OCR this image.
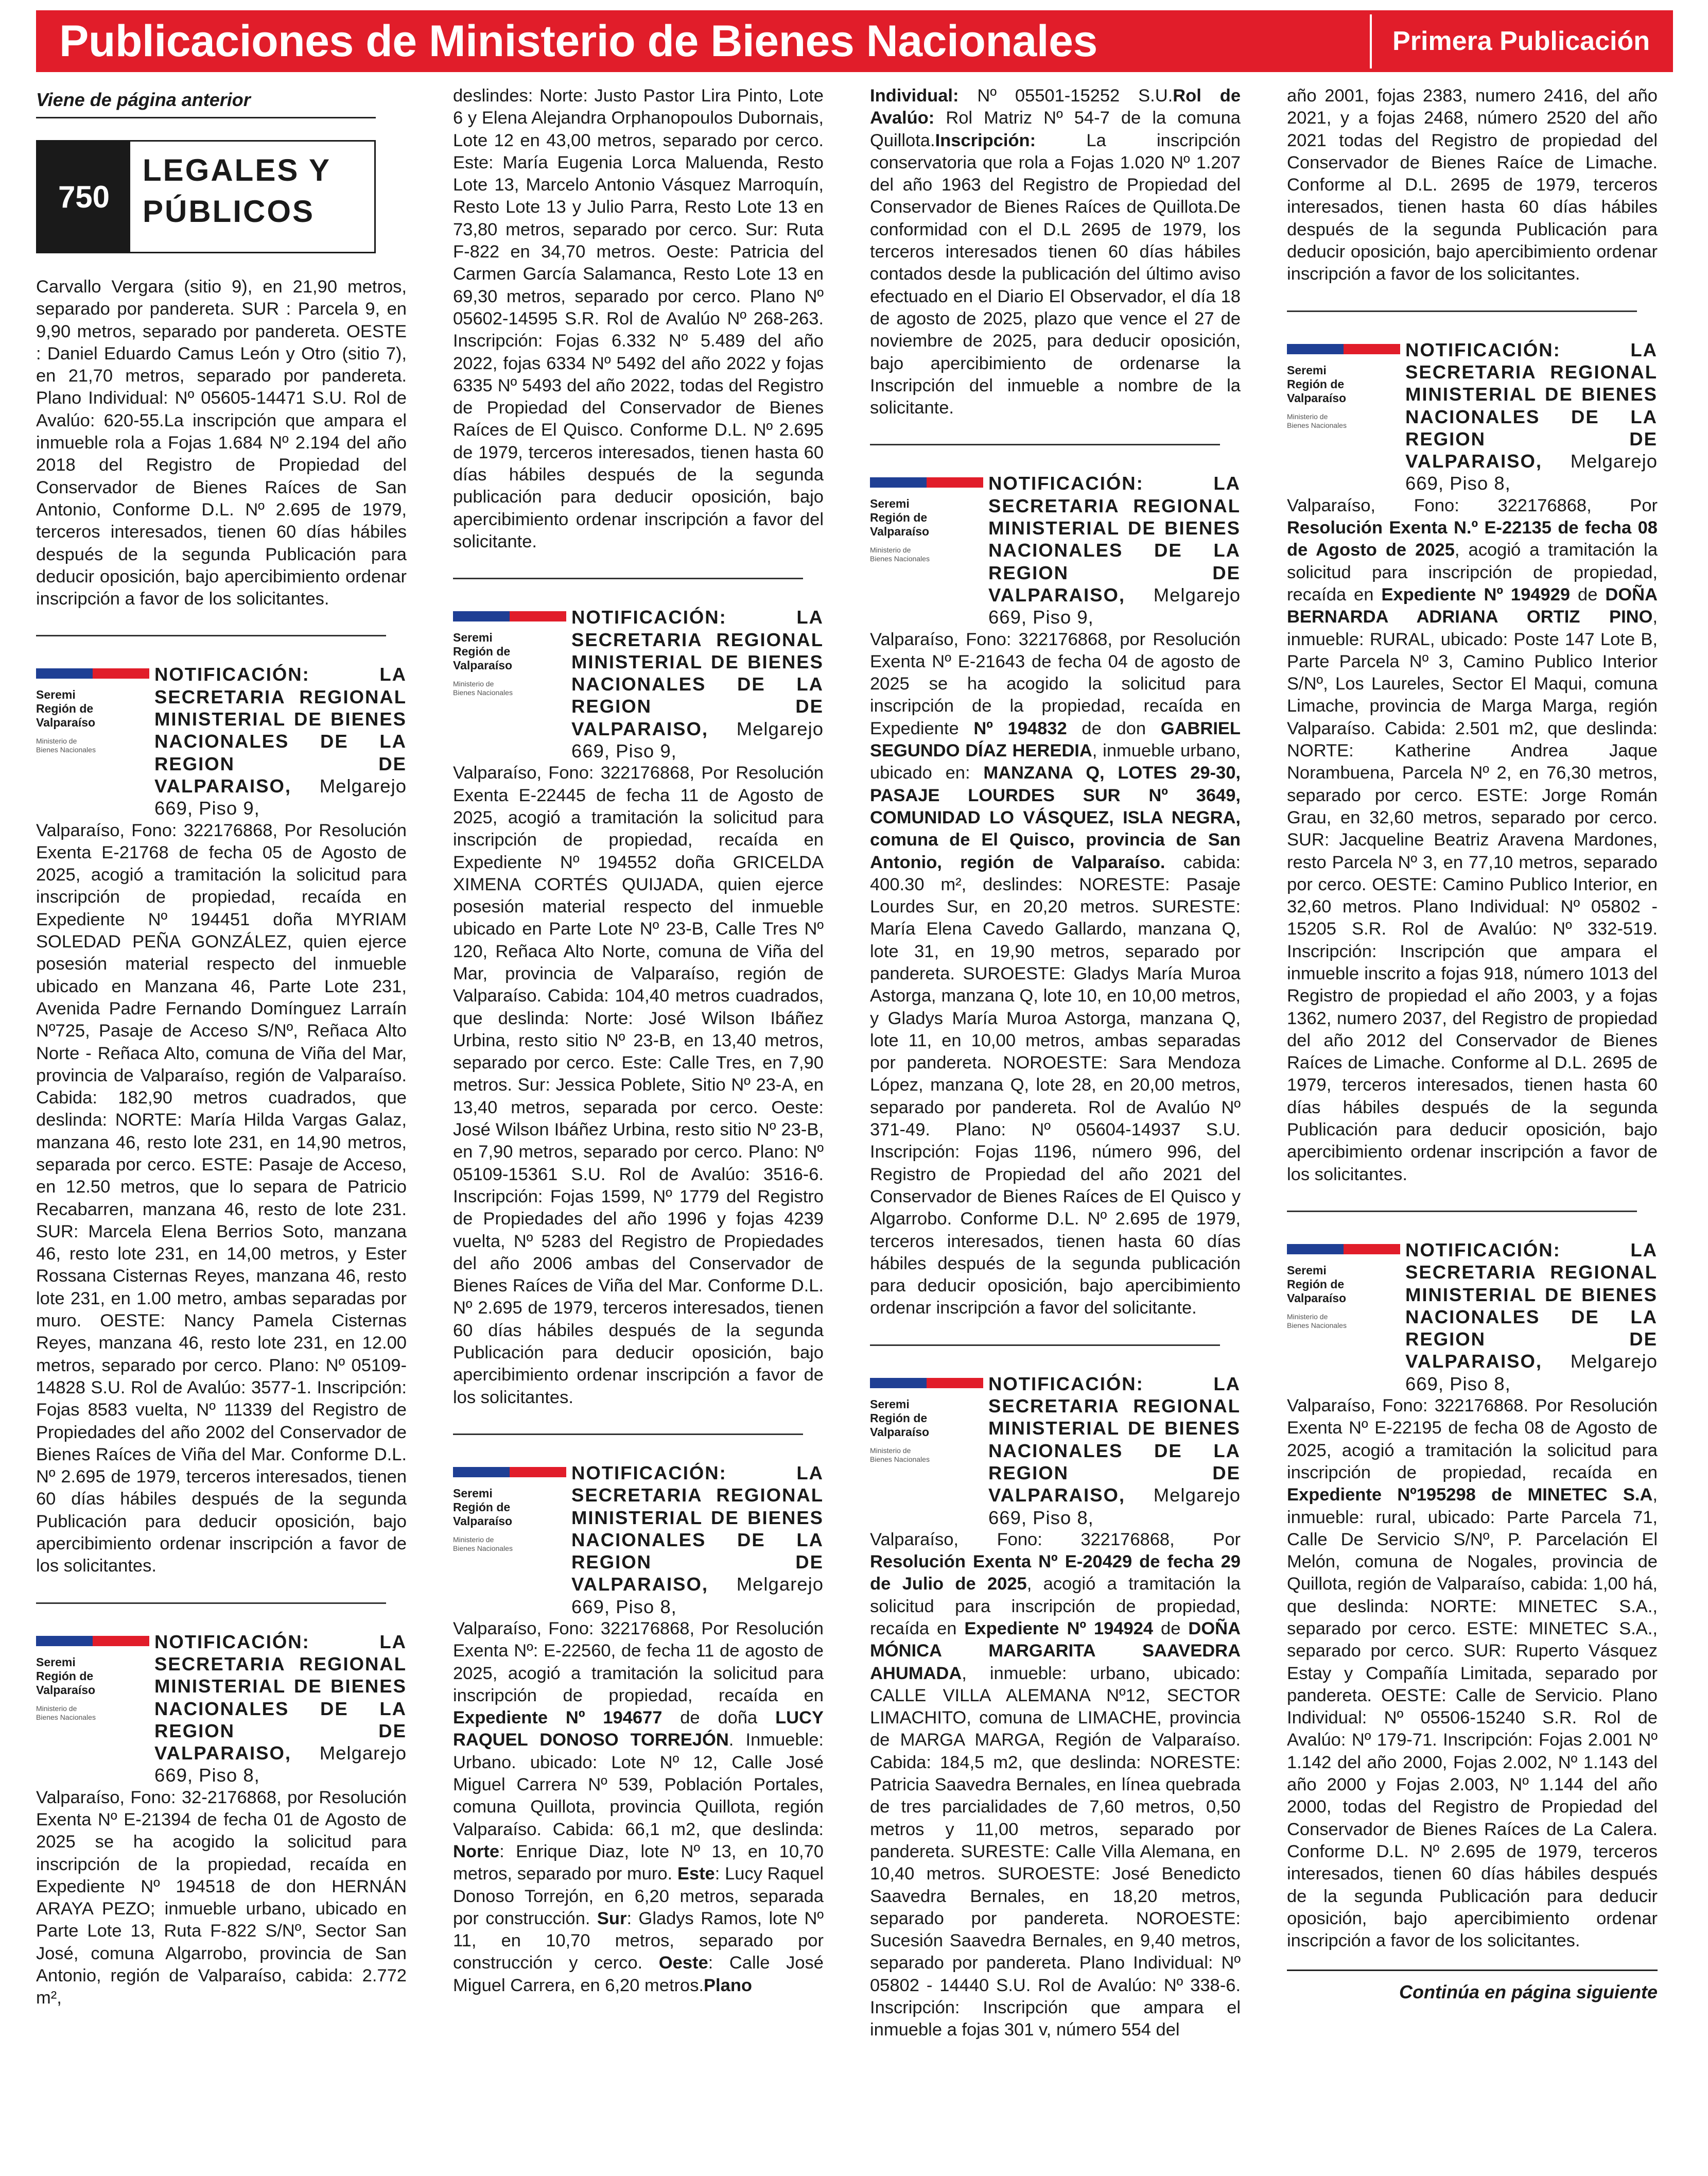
Publicaciones de Ministerio de Bienes Nacionales	Primera Publicación
Viene de página anterior
750
LEGALES Y
PÚBLICOS

Carvallo Vergara (sitio 9), en 21,90 metros, separado por pandereta. SUR : Parcela 9, en 9,90 metros, separado por pandereta. OESTE : Daniel Eduardo Camus León y Otro (sitio 7), en 21,70 metros, separado por pandereta. Plano Individual: Nº 05605-14471 S.U. Rol de Avalúo: 620-55.La inscripción que ampara el inmueble rola a Fojas 1.684 Nº 2.194 del año 2018 del Registro de Propiedad del Conservador de Bienes Raíces de San Antonio, Conforme D.L. Nº 2.695 de 1979, terceros interesados, tienen 60 días hábiles después de la segunda Publicación para deducir oposición, bajo apercibimiento ordenar inscripción a favor de los solicitantes.

Seremi
Región de
Valparaíso
Ministerio de
Bienes Nacionales
NOTIFICACIÓN: LA SECRETARIA REGIONAL MINISTERIAL DE BIENES NACIONALES DE LA REGION DE VALPARAISO, Melgarejo 669, Piso 9,

Valparaíso, Fono: 322176868, Por Resolución Exenta E-21768 de fecha 05 de Agosto de 2025, acogió a tramitación la solicitud para inscripción de propiedad, recaída en Expediente Nº 194451 doña MYRIAM SOLEDAD PEÑA GONZÁLEZ, quien ejerce posesión material respecto del inmueble ubicado en Manzana 46, Parte Lote 231, Avenida Padre Fernando Domínguez Larraín Nº725, Pasaje de Acceso S/Nº, Reñaca Alto Norte - Reñaca Alto, comuna de Viña del Mar, provincia de Valparaíso, región de Valparaíso. Cabida: 182,90 metros cuadrados, que deslinda: NORTE: María Hilda Vargas Galaz, manzana 46, resto lote 231, en 14,90 metros, separada por cerco. ESTE: Pasaje de Acceso, en 12.50 metros, que lo separa de Patricio Recabarren, manzana 46, resto de lote 231. SUR: Marcela Elena Berrios Soto, manzana 46, resto lote 231, en 14,00 metros, y Ester Rossana Cisternas Reyes, manzana 46, resto lote 231, en 1.00 metro, ambas separadas por muro. OESTE: Nancy Pamela Cisternas Reyes, manzana 46, resto lote 231, en 12.00 metros, separado por cerco. Plano: Nº 05109-14828 S.U. Rol de Avalúo: 3577-1. Inscripción: Fojas 8583 vuelta, Nº 11339 del Registro de Propiedades del año 2002 del Conservador de Bienes Raíces de Viña del Mar. Conforme D.L. Nº 2.695 de 1979, terceros interesados, tienen 60 días hábiles después de la segunda Publicación para deducir oposición, bajo apercibimiento ordenar inscripción a favor de los solicitantes.

Seremi
Región de
Valparaíso
Ministerio de
Bienes Nacionales
NOTIFICACIÓN: LA SECRETARIA REGIONAL MINISTERIAL DE BIENES NACIONALES DE LA REGION DE VALPARAISO, Melgarejo 669, Piso 8,

Valparaíso, Fono: 32-2176868, por Resolución Exenta Nº E-21394 de fecha 01 de Agosto de 2025 se ha acogido la solicitud para inscripción de la propiedad, recaída en Expediente Nº 194518 de don HERNÁN ARAYA PEZO; inmueble urbano, ubicado en Parte Lote 13, Ruta F-822 S/Nº, Sector San José, comuna Algarrobo, provincia de San Antonio, región de Valparaíso, cabida: 2.772 m²,

deslindes: Norte: Justo Pastor Lira Pinto, Lote 6 y Elena Alejandra Orphanopoulos Dubornais, Lote 12 en 43,00 metros, separado por cerco. Este: María Eugenia Lorca Maluenda, Resto Lote 13, Marcelo Antonio Vásquez Marroquín, Resto Lote 13 y Julio Parra, Resto Lote 13 en 73,80 metros, separado por cerco. Sur: Ruta F-822 en 34,70 metros. Oeste: Patricia del Carmen García Salamanca, Resto Lote 13 en 69,30 metros, separado por cerco. Plano Nº 05602-14595 S.R. Rol de Avalúo Nº 268-263. Inscripción: Fojas 6.332 Nº 5.489 del año 2022, fojas 6334 Nº 5492 del año 2022 y fojas 6335 Nº 5493 del año 2022, todas del Registro de Propiedad del Conservador de Bienes Raíces de El Quisco. Conforme D.L. Nº 2.695 de 1979, terceros interesados, tienen hasta 60 días hábiles después de la segunda publicación para deducir oposición, bajo apercibimiento ordenar inscripción a favor del solicitante.

Seremi
Región de
Valparaíso
Ministerio de
Bienes Nacionales
NOTIFICACIÓN: LA SECRETARIA REGIONAL MINISTERIAL DE BIENES NACIONALES DE LA REGION DE VALPARAISO, Melgarejo 669, Piso 9,

Valparaíso, Fono: 322176868, Por Resolución Exenta E-22445 de fecha 11 de Agosto de 2025, acogió a tramitación la solicitud para inscripción de propiedad, recaída en Expediente Nº 194552 doña GRICELDA XIMENA CORTÉS QUIJADA, quien ejerce posesión material respecto del inmueble ubicado en Parte Lote Nº 23-B, Calle Tres Nº 120, Reñaca Alto Norte, comuna de Viña del Mar, provincia de Valparaíso, región de Valparaíso. Cabida: 104,40 metros cuadrados, que deslinda: Norte: José Wilson Ibáñez Urbina, resto sitio Nº 23-B, en 13,40 metros, separado por cerco. Este: Calle Tres, en 7,90 metros. Sur: Jessica Poblete, Sitio Nº 23-A, en 13,40 metros, separada por cerco. Oeste: José Wilson Ibáñez Urbina, resto sitio Nº 23-B, en 7,90 metros, separado por cerco. Plano: Nº 05109-15361 S.U. Rol de Avalúo: 3516-6. Inscripción: Fojas 1599, Nº 1779 del Registro de Propiedades del año 1996 y fojas 4239 vuelta, Nº 5283 del Registro de Propiedades del año 2006 ambas del Conservador de Bienes Raíces de Viña del Mar. Conforme D.L. Nº 2.695 de 1979, terceros interesados, tienen 60 días hábiles después de la segunda Publicación para deducir oposición, bajo apercibimiento ordenar inscripción a favor de los solicitantes.

Seremi
Región de
Valparaíso
Ministerio de
Bienes Nacionales
NOTIFICACIÓN: LA SECRETARIA REGIONAL MINISTERIAL DE BIENES NACIONALES DE LA REGION DE VALPARAISO, Melgarejo 669, Piso 8,

Valparaíso, Fono: 322176868, Por Resolución Exenta Nº: E-22560, de fecha 11 de agosto de 2025, acogió a tramitación la solicitud para inscripción de propiedad, recaída en Expediente Nº 194677 de doña LUCY RAQUEL DONOSO TORREJÓN. Inmueble: Urbano. ubicado: Lote Nº 12, Calle José Miguel Carrera Nº 539, Población Portales, comuna Quillota, provincia Quillota, región Valparaíso. Cabida: 66,1 m2, que deslinda: Norte: Enrique Diaz, lote Nº 13, en 10,70 metros, separado por muro. Este: Lucy Raquel Donoso Torrejón, en 6,20 metros, separada por construcción. Sur: Gladys Ramos, lote Nº 11, en 10,70 metros, separado por construcción y cerco. Oeste: Calle José Miguel Carrera, en 6,20 metros.Plano

Individual: Nº 05501-15252 S.U.Rol de Avalúo: Rol Matriz Nº 54-7 de la comuna Quillota.Inscripción: La inscripción conservatoria que rola a Fojas 1.020 Nº 1.207 del año 1963 del Registro de Propiedad del Conservador de Bienes Raíces de Quillota.De conformidad con el D.L 2695 de 1979, los terceros interesados tienen 60 días hábiles contados desde la publicación del último aviso efectuado en el Diario El Observador, el día 18 de agosto de 2025, plazo que vence el 27 de noviembre de 2025, para deducir oposición, bajo apercibimiento de ordenarse la Inscripción del inmueble a nombre de la solicitante.

Seremi
Región de
Valparaíso
Ministerio de
Bienes Nacionales
NOTIFICACIÓN: LA SECRETARIA REGIONAL MINISTERIAL DE BIENES NACIONALES DE LA REGION DE VALPARAISO, Melgarejo 669, Piso 9,

Valparaíso, Fono: 322176868, por Resolución Exenta Nº E-21643 de fecha 04 de agosto de 2025 se ha acogido la solicitud para inscripción de la propiedad, recaída en Expediente Nº 194832 de don GABRIEL SEGUNDO DÍAZ HEREDIA, inmueble urbano, ubicado en: MANZANA Q, LOTES 29-30, PASAJE LOURDES SUR Nº 3649, COMUNIDAD LO VÁSQUEZ, ISLA NEGRA, comuna de El Quisco, provincia de San Antonio, región de Valparaíso. cabida: 400.30 m², deslindes: NORESTE: Pasaje Lourdes Sur, en 20,20 metros. SURESTE: María Elena Cavedo Gallardo, manzana Q, lote 31, en 19,90 metros, separado por pandereta. SUROESTE: Gladys María Muroa Astorga, manzana Q, lote 10, en 10,00 metros, y Gladys María Muroa Astorga, manzana Q, lote 11, en 10,00 metros, ambas separadas por pandereta. NOROESTE: Sara Mendoza López, manzana Q, lote 28, en 20,00 metros, separado por pandereta. Rol de Avalúo Nº 371-49. Plano: Nº 05604-14937 S.U. Inscripción: Fojas 1196, número 996, del Registro de Propiedad del año 2021 del Conservador de Bienes Raíces de El Quisco y Algarrobo. Conforme D.L. Nº 2.695 de 1979, terceros interesados, tienen hasta 60 días hábiles después de la segunda publicación para deducir oposición, bajo apercibimiento ordenar inscripción a favor del solicitante.

Seremi
Región de
Valparaíso
Ministerio de
Bienes Nacionales
NOTIFICACIÓN: LA SECRETARIA REGIONAL MINISTERIAL DE BIENES NACIONALES DE LA REGION DE VALPARAISO, Melgarejo 669, Piso 8,

Valparaíso, Fono: 322176868, Por Resolución Exenta Nº E-20429 de fecha 29 de Julio de 2025, acogió a tramitación la solicitud para inscripción de propiedad, recaída en Expediente Nº 194924 de DOÑA MÓNICA MARGARITA SAAVEDRA AHUMADA, inmueble: urbano, ubicado: CALLE VILLA ALEMANA Nº12, SECTOR LIMACHITO, comuna de LIMACHE, provincia de MARGA MARGA, Región de Valparaíso. Cabida: 184,5 m2, que deslinda: NORESTE: Patricia Saavedra Bernales, en línea quebrada de tres parcialidades de 7,60 metros, 0,50 metros y 11,00 metros, separado por pandereta. SURESTE: Calle Villa Alemana, en 10,40 metros. SUROESTE: José Benedicto Saavedra Bernales, en 18,20 metros, separado por pandereta. NOROESTE: Sucesión Saavedra Bernales, en 9,40 metros, separado por pandereta. Plano Individual: Nº 05802 - 14440 S.U. Rol de Avalúo: Nº 338-6. Inscripción: Inscripción que ampara el inmueble a fojas 301 v, número 554 del

año 2001, fojas 2383, numero 2416, del año 2021, y a fojas 2468, número 2520 del año 2021 todas del Registro de propiedad del Conservador de Bienes Raíce de Limache. Conforme al D.L. 2695 de 1979, terceros interesados, tienen hasta 60 días hábiles después de la segunda Publicación para deducir oposición, bajo apercibimiento ordenar inscripción a favor de los solicitantes.

Seremi
Región de
Valparaíso
Ministerio de
Bienes Nacionales
NOTIFICACIÓN: LA SECRETARIA REGIONAL MINISTERIAL DE BIENES NACIONALES DE LA REGION DE VALPARAISO, Melgarejo 669, Piso 8,

Valparaíso, Fono: 322176868, Por Resolución Exenta N.º E-22135 de fecha 08 de Agosto de 2025, acogió a tramitación la solicitud para inscripción de propiedad, recaída en Expediente Nº 194929 de DOÑA BERNARDA ADRIANA ORTIZ PINO, inmueble: RURAL, ubicado: Poste 147 Lote B, Parte Parcela Nº 3, Camino Publico Interior S/Nº, Los Laureles, Sector El Maqui, comuna Limache, provincia de Marga Marga, región Valparaíso. Cabida: 2.501 m2, que deslinda: NORTE: Katherine Andrea Jaque Norambuena, Parcela Nº 2, en 76,30 metros, separado por cerco. ESTE: Jorge Román Grau, en 32,60 metros, separado por cerco. SUR: Jacqueline Beatriz Aravena Mardones, resto Parcela Nº 3, en 77,10 metros, separado por cerco. OESTE: Camino Publico Interior, en 32,60 metros. Plano Individual: Nº 05802 - 15205 S.R. Rol de Avalúo: Nº 332-519. Inscripción: Inscripción que ampara el inmueble inscrito a fojas 918, número 1013 del Registro de propiedad el año 2003, y a fojas 1362, numero 2037, del Registro de propiedad del año 2012 del Conservador de Bienes Raíces de Limache. Conforme al D.L. 2695 de 1979, terceros interesados, tienen hasta 60 días hábiles después de la segunda Publicación para deducir oposición, bajo apercibimiento ordenar inscripción a favor de los solicitantes.

Seremi
Región de
Valparaíso
Ministerio de
Bienes Nacionales
NOTIFICACIÓN: LA SECRETARIA REGIONAL MINISTERIAL DE BIENES NACIONALES DE LA REGION DE VALPARAISO, Melgarejo 669, Piso 8,

Valparaíso, Fono: 322176868. Por Resolución Exenta Nº E-22195 de fecha 08 de Agosto de 2025, acogió a tramitación la solicitud para inscripción de propiedad, recaída en Expediente Nº195298 de MINETEC S.A, inmueble: rural, ubicado: Parte Parcela 71, Calle De Servicio S/Nº, P. Parcelación El Melón, comuna de Nogales, provincia de Quillota, región de Valparaíso, cabida: 1,00 há, que deslinda: NORTE: MINETEC S.A., separado por cerco. ESTE: MINETEC S.A., separado por cerco. SUR: Ruperto Vásquez Estay y Compañía Limitada, separado por pandereta. OESTE: Calle de Servicio. Plano Individual: Nº 05506-15240 S.R. Rol de Avalúo: Nº 179-71. Inscripción: Fojas 2.001 Nº 1.142 del año 2000, Fojas 2.002, Nº 1.143 del año 2000 y Fojas 2.003, Nº 1.144 del año 2000, todas del Registro de Propiedad del Conservador de Bienes Raíces de La Calera. Conforme D.L. Nº 2.695 de 1979, terceros interesados, tienen 60 días hábiles después de la segunda Publicación para deducir oposición, bajo apercibimiento ordenar inscripción a favor de los solicitantes.

Continúa en página siguiente
